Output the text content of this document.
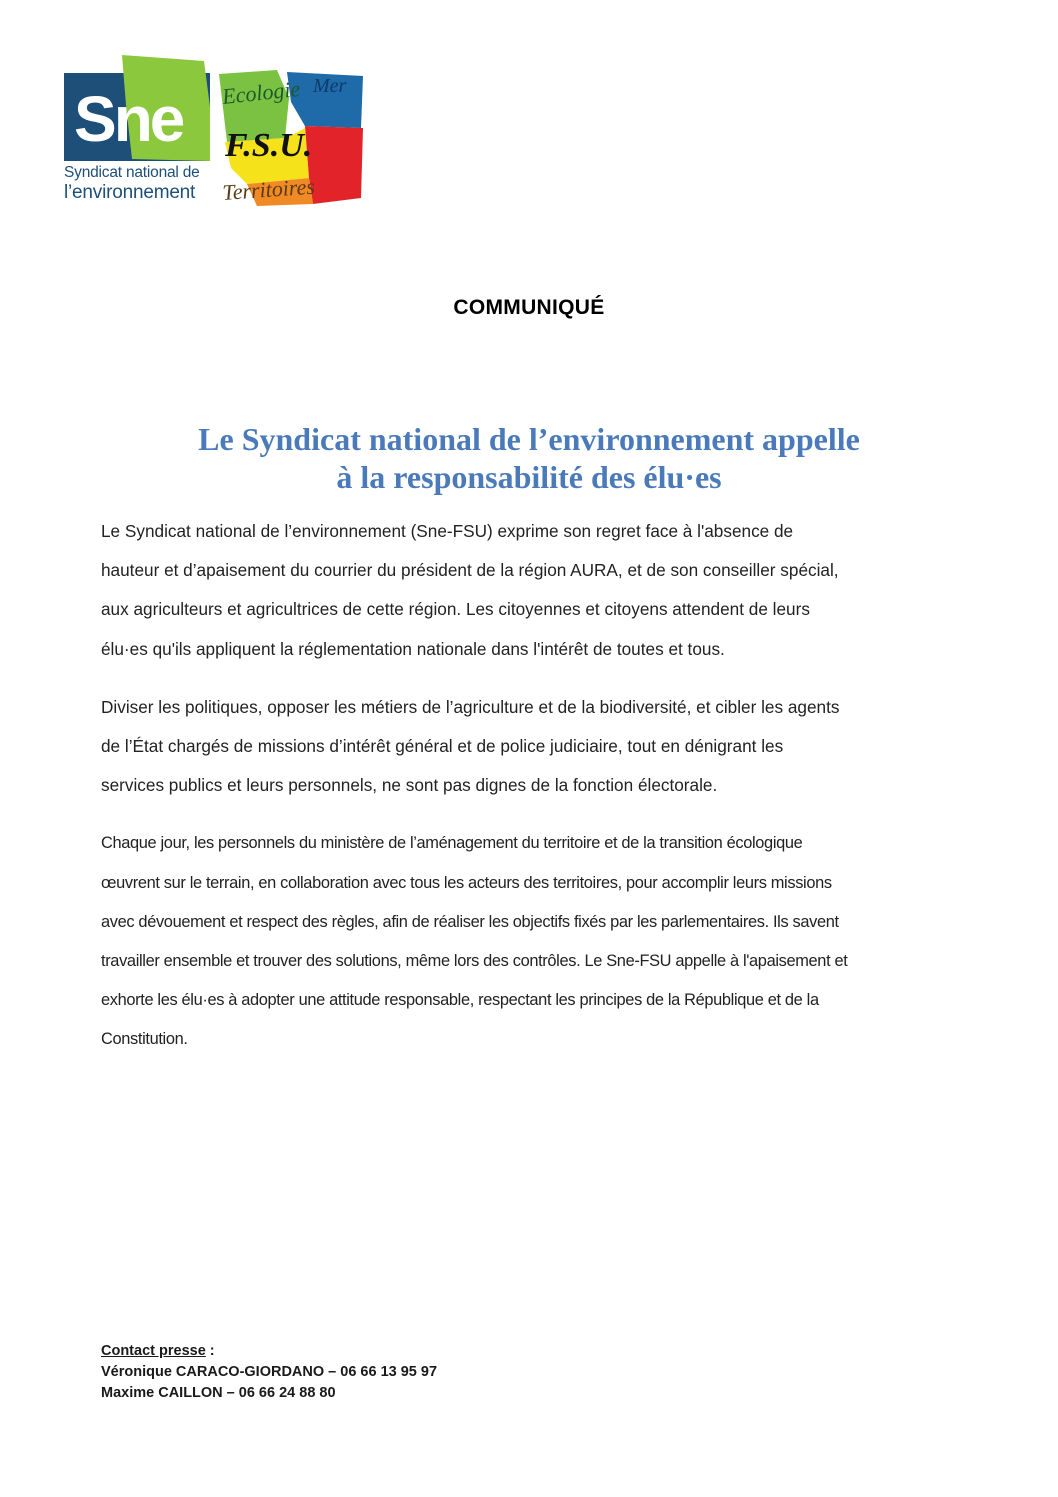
Sne
Syndicat national de
l’environnement
Ecologie Mer
F.S.U.
Territoires
COMMUNIQUÉ
Le Syndicat national de l’environnement appelle
à la responsabilité des élu·es

Le Syndicat national de l’environnement (Sne-FSU) exprime son regret face à l'absence de
hauteur et d’apaisement du courrier du président de la région AURA, et de son conseiller spécial,
aux agriculteurs et agricultrices de cette région. Les citoyennes et citoyens attendent de leurs
élu·es qu'ils appliquent la réglementation nationale dans l'intérêt de toutes et tous.

Diviser les politiques, opposer les métiers de l’agriculture et de la biodiversité, et cibler les agents
de l’État chargés de missions d’intérêt général et de police judiciaire, tout en dénigrant les
services publics et leurs personnels, ne sont pas dignes de la fonction électorale.

Chaque jour, les personnels du ministère de l’aménagement du territoire et de la transition écologique
œuvrent sur le terrain, en collaboration avec tous les acteurs des territoires, pour accomplir leurs missions
avec dévouement et respect des règles, afin de réaliser les objectifs fixés par les parlementaires. Ils savent
travailler ensemble et trouver des solutions, même lors des contrôles. Le Sne-FSU appelle à l'apaisement et
exhorte les élu·es à adopter une attitude responsable, respectant les principes de la République et de la
Constitution.

Contact presse :
Véronique CARACO-GIORDANO – 06 66 13 95 97
Maxime CAILLON – 06 66 24 88 80
